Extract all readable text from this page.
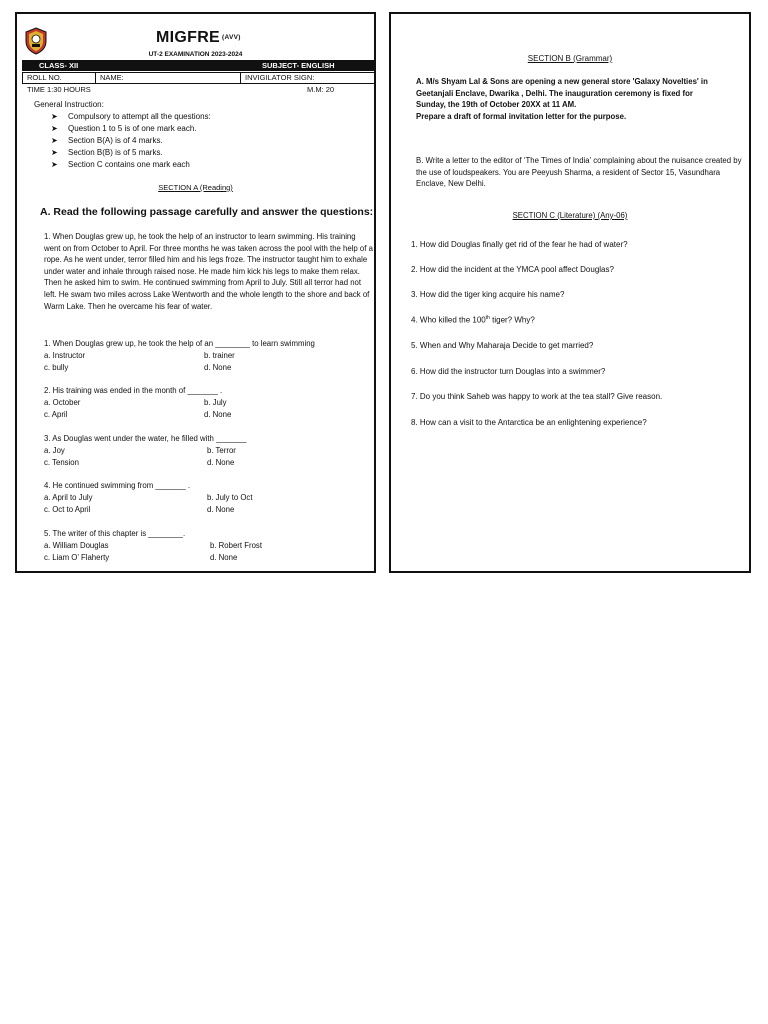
MIGFRE (AVV)
UT-2 EXAMINATION 2023-2024
CLASS- XII	SUBJECT- ENGLISH
ROLL NO.	NAME:	INVIGILATOR SIGN:
TIME 1:30 HOURS	M.M: 20
General Instruction:
➤ Compulsory to attempt all the questions:
➤ Question 1 to 5 is of one mark each.
➤ Section B(A) is of 4 marks.
➤ Section B(B) is of 5 marks.
➤ Section C contains one mark each
SECTION A (Reading)
A. Read the following passage carefully and answer the questions:
1. When Douglas grew up, he took the help of an instructor to learn swimming. His training went on from October to April. For three months he was taken across the pool with the help of a rope. As he went under, terror filled him and his legs froze. The instructor taught him to exhale under water and inhale through raised nose. He made him kick his legs to make them relax. Then he asked him to swim. He continued swimming from April to July. Still all terror had not left. He swam two miles across Lake Wentworth and the whole length to the shore and back of Warm Lake. Then he overcame his fear of water.
1. When Douglas grew up, he took the help of an ________ to learn swimming
a. Instructor	b. trainer
c. bully	d. None
2. His training was ended in the month of _______ .
a. October	b. July
c. April	d. None
3. As Douglas went under the water, he filled with _______
a. Joy	b. Terror
c. Tension	d. None
4. He continued swimming from _______ .
a. April to July	b. July to Oct
c. Oct to April	d. None
5. The writer of this chapter is ________.
a. William Douglas	b. Robert Frost
c. Liam O’ Flaherty	d. None
SECTION B (Grammar)
A. M/s Shyam Lal & Sons are opening a new general store 'Galaxy Novelties' in
Geetanjali Enclave, Dwarika , Delhi. The inauguration ceremony is fixed for
Sunday, the 19th of October 20XX at 11 AM.
Prepare a draft of formal invitation letter for the purpose.
B. Write a letter to the editor of ‘The Times of India’ complaining about the nuisance created by the use of loudspeakers. You are Peeyush Sharma, a resident of Sector 15, Vasundhara Enclave, New Delhi.
SECTION C (Literature) (Any-06)
1. How did Douglas finally get rid of the fear he had of water?
2. How did the incident at the YMCA pool affect Douglas?
3. How did the tiger king acquire his name?
4. Who killed the 100th tiger? Why?
5. When and Why Maharaja Decide to get married?
6. How did the instructor turn Douglas into a swimmer?
7. Do you think Saheb was happy to work at the tea stall? Give reason.
8. How can a visit to the Antarctica be an enlightening experience?
